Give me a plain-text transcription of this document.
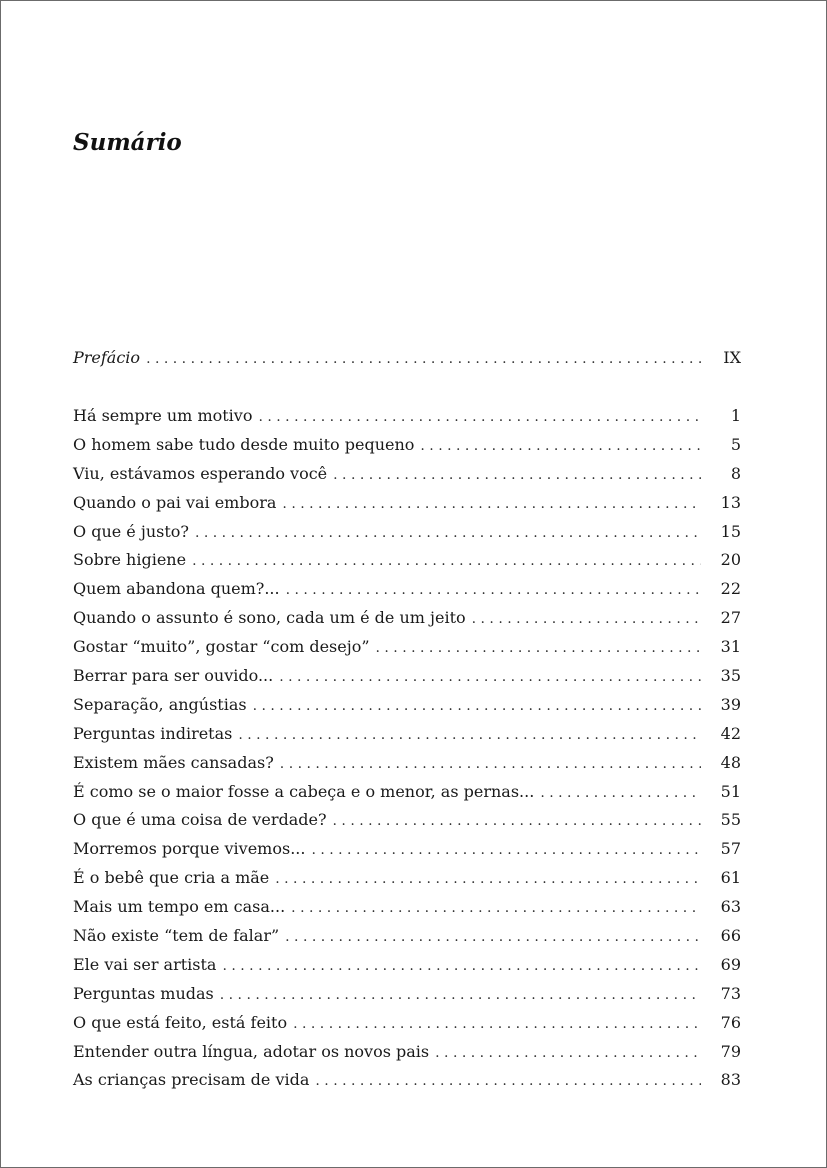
Sumário
Prefácio . . .	IX
Há sempre um motivo . . .	1
O homem sabe tudo desde muito pequeno . . .	5
Viu, estávamos esperando você . . .	8
Quando o pai vai embora . . .	13
O que é justo? . . .	15
Sobre higiene . . .	20
Quem abandona quem?... . . .	22
Quando o assunto é sono, cada um é de um jeito . . .	27
Gostar “muito”, gostar “com desejo” . . .	31
Berrar para ser ouvido... . . .	35
Separação, angústias . . .	39
Perguntas indiretas . . .	42
Existem mães cansadas? . . .	48
É como se o maior fosse a cabeça e o menor, as pernas... . . .	51
O que é uma coisa de verdade? . . .	55
Morremos porque vivemos... . . .	57
É o bebê que cria a mãe . . .	61
Mais um tempo em casa... . . .	63
Não existe “tem de falar” . . .	66
Ele vai ser artista . . .	69
Perguntas mudas . . .	73
O que está feito, está feito . . .	76
Entender outra língua, adotar os novos pais . . .	79
As crianças precisam de vida . . .	83
